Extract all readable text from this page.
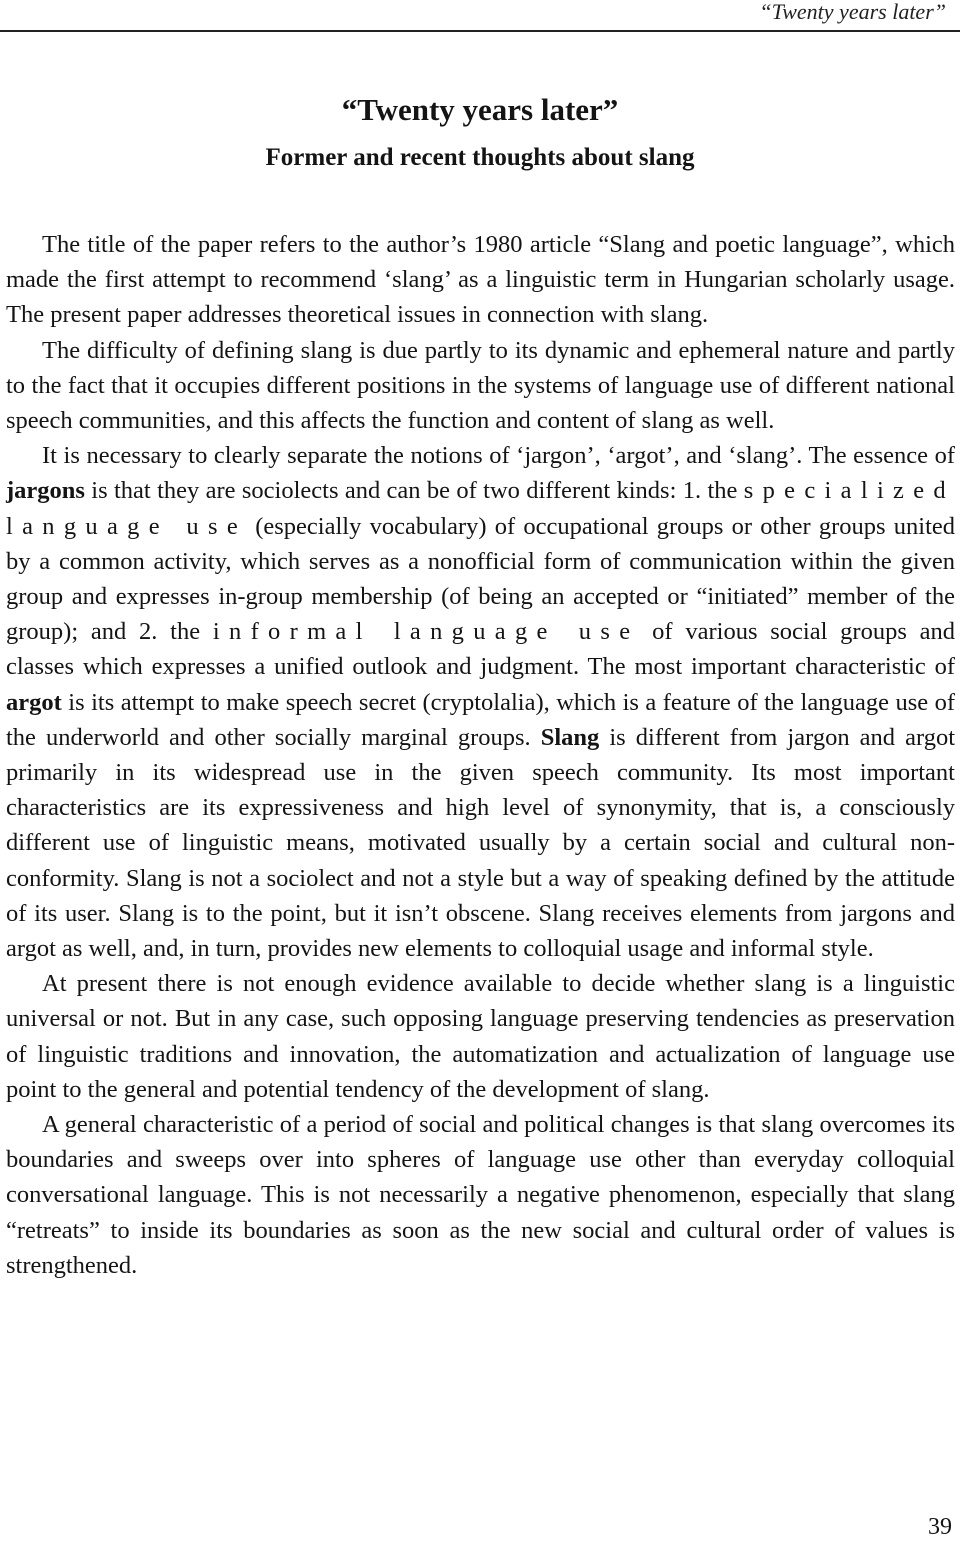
“Twenty years later”
“Twenty years later”
Former and recent thoughts about slang

The title of the paper refers to the author’s 1980 article “Slang and poetic language”, which made the first attempt to recommend ‘slang’ as a linguistic term in Hungarian scholarly usage. The present paper addresses theoretical issues in connection with slang.

The difficulty of defining slang is due partly to its dynamic and ephemeral nature and partly to the fact that it occupies different positions in the systems of language use of different national speech communities, and this affects the function and content of slang as well.

It is necessary to clearly separate the notions of ‘jargon’, ‘argot’, and ‘slang’. The essence of jargons is that they are sociolects and can be of two different kinds: 1. the specialized language use (especially vocabulary) of occupational groups or other groups united by a common activity, which serves as a nonofficial form of communication within the given group and expresses in-group membership (of being an accepted or “initiated” member of the group); and 2. the informal language use of various social groups and classes which expresses a unified outlook and judgment. The most important characteristic of argot is its attempt to make speech secret (cryptolalia), which is a feature of the language use of the underworld and other socially marginal groups. Slang is different from jargon and argot primarily in its widespread use in the given speech community. Its most important characteristics are its expressiveness and high level of synonymity, that is, a consciously different use of linguistic means, motivated usually by a certain social and cultural nonconformity. Slang is not a sociolect and not a style but a way of speaking defined by the attitude of its user. Slang is to the point, but it isn’t obscene. Slang receives elements from jargons and argot as well, and, in turn, provides new elements to colloquial usage and informal style.

At present there is not enough evidence available to decide whether slang is a linguistic universal or not. But in any case, such opposing language preserving tendencies as preservation of linguistic traditions and innovation, the automatization and actualization of language use point to the general and potential tendency of the development of slang.

A general characteristic of a period of social and political changes is that slang overcomes its boundaries and sweeps over into spheres of language use other than everyday colloquial conversational language. This is not necessarily a negative phenomenon, especially that slang “retreats” to inside its boundaries as soon as the new social and cultural order of values is strengthened.

39
